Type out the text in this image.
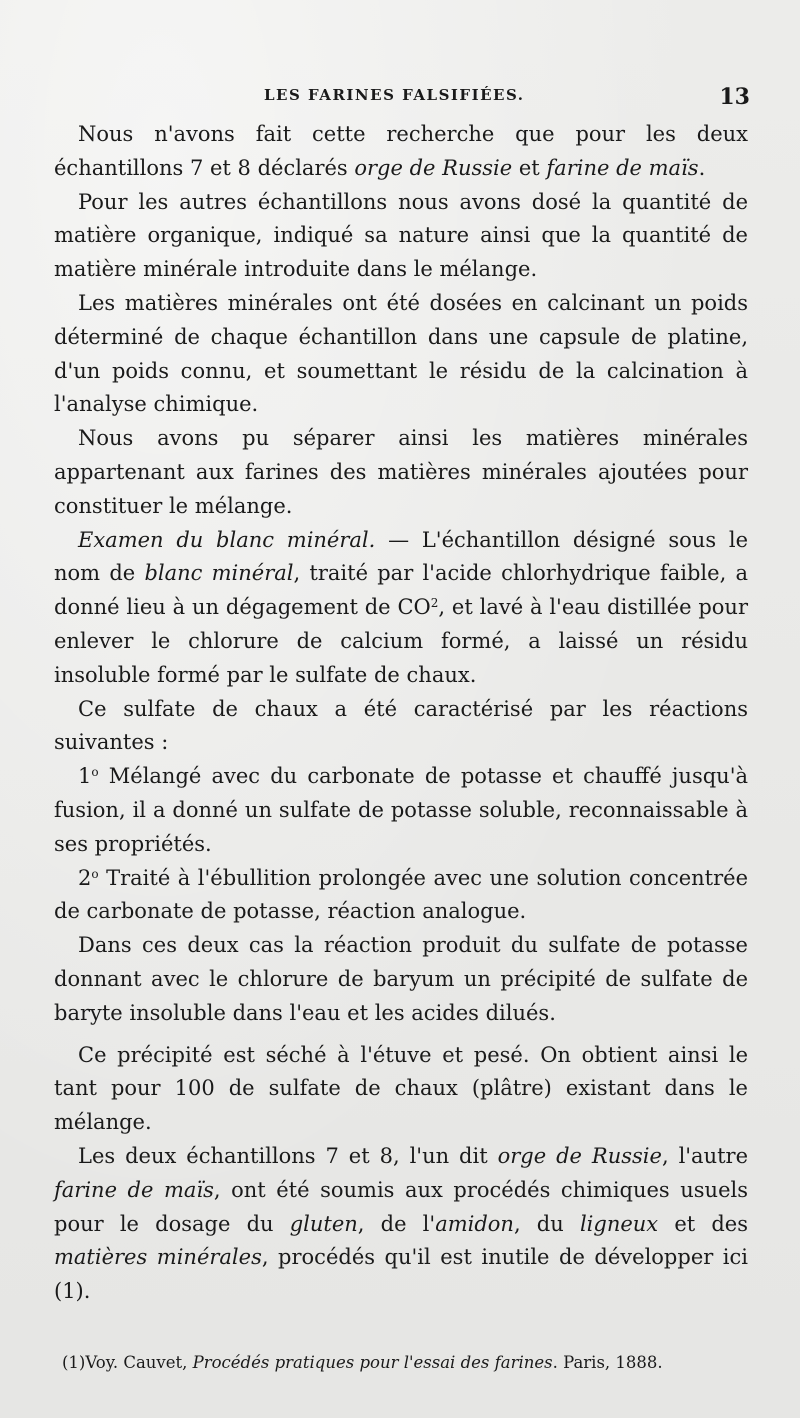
LES FARINES FALSIFIÉES.	13

Nous n'avons fait cette recherche que pour les deux échantillons 7 et 8 déclarés orge de Russie et farine de maïs.

Pour les autres échantillons nous avons dosé la quantité de matière organique, indiqué sa nature ainsi que la quantité de matière minérale introduite dans le mélange.

Les matières minérales ont été dosées en calcinant un poids déterminé de chaque échantillon dans une capsule de platine, d'un poids connu, et soumettant le résidu de la calcination à l'analyse chimique.

Nous avons pu séparer ainsi les matières minérales appartenant aux farines des matières minérales ajoutées pour constituer le mélange.

Examen du blanc minéral. — L'échantillon désigné sous le nom de blanc minéral, traité par l'acide chlorhydrique faible, a donné lieu à un dégagement de $CO^2$, et lavé à l'eau distillée pour enlever le chlorure de calcium formé, a laissé un résidu insoluble formé par le sulfate de chaux.

Ce sulfate de chaux a été caractérisé par les réactions suivantes :

1$^o$ Mélangé avec du carbonate de potasse et chauffé jusqu'à fusion, il a donné un sulfate de potasse soluble, reconnaissable à ses propriétés.

2$^o$ Traité à l'ébullition prolongée avec une solution concentrée de carbonate de potasse, réaction analogue.

Dans ces deux cas la réaction produit du sulfate de potasse donnant avec le chlorure de baryum un précipité de sulfate de baryte insoluble dans l'eau et les acides dilués.

Ce précipité est séché à l'étuve et pesé. On obtient ainsi le tant pour 100 de sulfate de chaux (plâtre) existant dans le mélange.

Les deux échantillons 7 et 8, l'un dit orge de Russie, l'autre farine de maïs, ont été soumis aux procédés chimiques usuels pour le dosage du gluten, de l'amidon, du ligneux et des matières minérales, procédés qu'il est inutile de développer ici (1).

(1)Voy. Cauvet, Procédés pratiques pour l'essai des farines. Paris, 1888.
